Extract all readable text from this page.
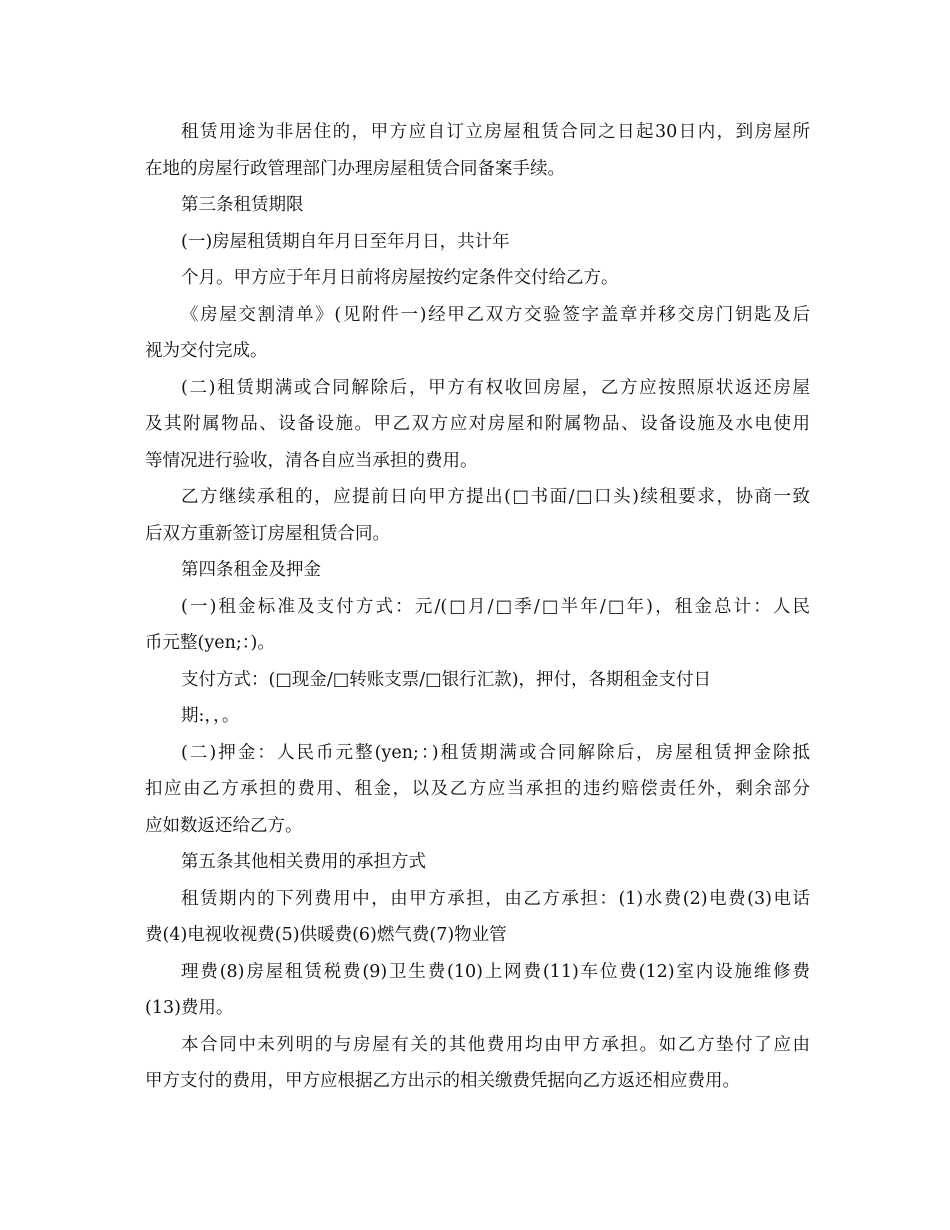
租赁用途为非居住的，甲方应自订立房屋租赁合同之日起30日内，到房屋所
在地的房屋行政管理部门办理房屋租赁合同备案手续。
第三条租赁期限
(一)房屋租赁期自年月日至年月日，共计年
个月。甲方应于年月日前将房屋按约定条件交付给乙方。
《房屋交割清单》(见附件一)经甲乙双方交验签字盖章并移交房门钥匙及后
视为交付完成。
(二)租赁期满或合同解除后，甲方有权收回房屋，乙方应按照原状返还房屋
及其附属物品、设备设施。甲乙双方应对房屋和附属物品、设备设施及水电使用
等情况进行验收，清各自应当承担的费用。
乙方继续承租的，应提前日向甲方提出(□书面/□口头)续租要求，协商一致
后双方重新签订房屋租赁合同。
第四条租金及押金
(一)租金标准及支付方式：元/(□月/□季/□半年/□年)，租金总计：人民
币元整(yen;：)。
支付方式：(□现金/□转账支票/□银行汇款)，押付，各期租金支付日
期:，，。
(二)押金：人民币元整(yen;：)租赁期满或合同解除后，房屋租赁押金除抵
扣应由乙方承担的费用、租金，以及乙方应当承担的违约赔偿责任外，剩余部分
应如数返还给乙方。
第五条其他相关费用的承担方式
租赁期内的下列费用中，由甲方承担，由乙方承担：(1)水费(2)电费(3)电话
费(4)电视收视费(5)供暖费(6)燃气费(7)物业管
理费(8)房屋租赁税费(9)卫生费(10)上网费(11)车位费(12)室内设施维修费
(13)费用。
本合同中未列明的与房屋有关的其他费用均由甲方承担。如乙方垫付了应由
甲方支付的费用，甲方应根据乙方出示的相关缴费凭据向乙方返还相应费用。
